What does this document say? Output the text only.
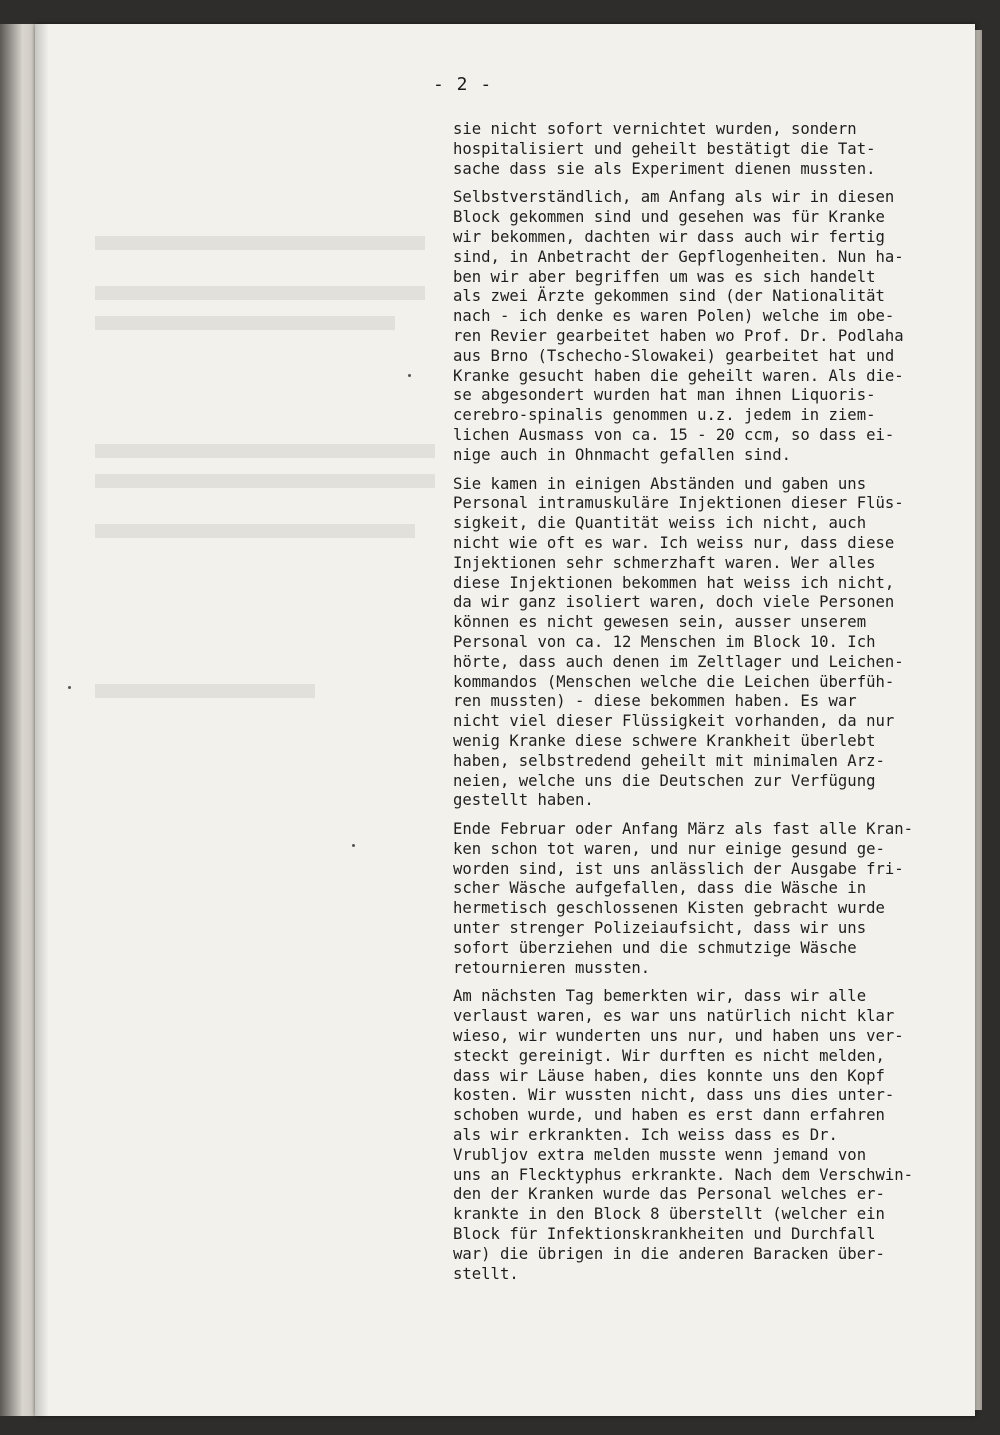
- 2 -
sie nicht sofort vernichtet wurden, sondern
hospitalisiert und geheilt bestätigt die Tat-
sache dass sie als Experiment dienen mussten.
Selbstverständlich, am Anfang als wir in diesen
Block gekommen sind und gesehen was für Kranke
wir bekommen, dachten wir dass auch wir fertig
sind, in Anbetracht der Gepflogenheiten. Nun ha-
ben wir aber begriffen um was es sich handelt
als zwei Ärzte gekommen sind (der Nationalität
nach - ich denke es waren Polen) welche im obe-
ren Revier gearbeitet haben wo Prof. Dr. Podlaha
aus Brno (Tschecho-Slowakei) gearbeitet hat und
Kranke gesucht haben die geheilt waren. Als die-
se abgesondert wurden hat man ihnen Liquoris-
cerebro-spinalis genommen u.z. jedem in ziem-
lichen Ausmass von ca. 15 - 20 ccm, so dass ei-
nige auch in Ohnmacht gefallen sind.
Sie kamen in einigen Abständen und gaben uns
Personal intramuskuläre Injektionen dieser Flüs-
sigkeit, die Quantität weiss ich nicht, auch
nicht wie oft es war. Ich weiss nur, dass diese
Injektionen sehr schmerzhaft waren. Wer alles
diese Injektionen bekommen hat weiss ich nicht,
da wir ganz isoliert waren, doch viele Personen
können es nicht gewesen sein, ausser unserem
Personal von ca. 12 Menschen im Block 10. Ich
hörte, dass auch denen im Zeltlager und Leichen-
kommandos (Menschen welche die Leichen überfüh-
ren mussten) - diese bekommen haben. Es war
nicht viel dieser Flüssigkeit vorhanden, da nur
wenig Kranke diese schwere Krankheit überlebt
haben, selbstredend geheilt mit minimalen Arz-
neien, welche uns die Deutschen zur Verfügung
gestellt haben.
Ende Februar oder Anfang März als fast alle Kran-
ken schon tot waren, und nur einige gesund ge-
worden sind, ist uns anlässlich der Ausgabe fri-
scher Wäsche aufgefallen, dass die Wäsche in
hermetisch geschlossenen Kisten gebracht wurde
unter strenger Polizeiaufsicht, dass wir uns
sofort überziehen und die schmutzige Wäsche
retournieren mussten.
Am nächsten Tag bemerkten wir, dass wir alle
verlaust waren, es war uns natürlich nicht klar
wieso, wir wunderten uns nur, und haben uns ver-
steckt gereinigt. Wir durften es nicht melden,
dass wir Läuse haben, dies konnte uns den Kopf
kosten. Wir wussten nicht, dass uns dies unter-
schoben wurde, und haben es erst dann erfahren
als wir erkrankten. Ich weiss dass es Dr.
Vrubljov extra melden musste wenn jemand von
uns an Flecktyphus erkrankte. Nach dem Verschwin-
den der Kranken wurde das Personal welches er-
krankte in den Block 8 überstellt (welcher ein
Block für Infektionskrankheiten und Durchfall
war) die übrigen in die anderen Baracken über-
stellt.
